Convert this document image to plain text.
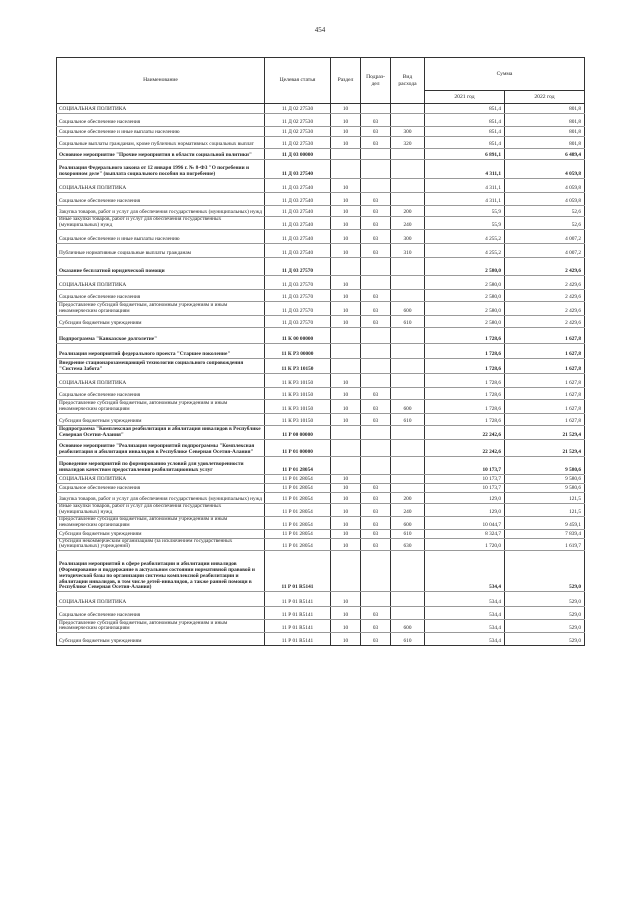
454
Наименование	Целевая статья	Раздел	Подраз-дел	Вид расхода	Сумма	
					2021 год	2022 год
СОЦИАЛЬНАЯ ПОЛИТИКА	11 Д 02 27530	10			851,4	801,8
Социальное обеспечение населения	11 Д 02 27530	10	03		851,4	801,8
Социальное обеспечение и иные выплаты населению	11 Д 02 27530	10	03	300	851,4	801,8
Социальные выплаты гражданам, кроме публичных нормативных социальных выплат	11 Д 02 27530	10	03	320	851,4	801,8
Основное мероприятие "Прочие мероприятия в области социальной политики"	11 Д 03 00000				6 891,1	6 489,4
Реализация Федерального закона от 12 января 1996 г. № 8-ФЗ "О погребении и похоронном деле" (выплата социального пособия на погребение)	11 Д 03 27540				4 311,1	4 059,8
СОЦИАЛЬНАЯ ПОЛИТИКА	11 Д 03 27540	10			4 311,1	4 059,8
Социальное обеспечение населения	11 Д 03 27540	10	03		4 311,1	4 059,8
Закупка товаров, работ и услуг для обеспечения государственных (муниципальных) нужд	11 Д 03 27540	10	03	200	55,9	52,6
Иные закупки товаров, работ и услуг для обеспечения государственных (муниципальных) нужд	11 Д 03 27540	10	03	240	55,9	52,6
Социальное обеспечение и иные выплаты населению	11 Д 03 27540	10	03	300	4 255,2	4 007,2
Публичные нормативные социальные выплаты гражданам	11 Д 03 27540	10	03	310	4 255,2	4 007,2
Оказание бесплатной юридической помощи	11 Д 03 27570				2 580,0	2 429,6
СОЦИАЛЬНАЯ ПОЛИТИКА	11 Д 03 27570	10			2 580,0	2 429,6
Социальное обеспечение населения	11 Д 03 27570	10	03		2 580,0	2 429,6
Предоставление субсидий бюджетным, автономным учреждениям и иным некоммерческим организациям	11 Д 03 27570	10	03	600	2 580,0	2 429,6
Субсидии бюджетным учреждениям	11 Д 03 27570	10	03	610	2 580,0	2 429,6
Подпрограмма "Кавказское долголетие"	11 К 00 00000				1 728,6	1 627,8
Реализация мероприятий федерального проекта "Старшее поколение"	11 К P3 00000				1 728,6	1 627,8
Внедрение стационарозамещающей технологии социального сопровождения "Система Забота"	11 К P3 10150				1 728,6	1 627,8
СОЦИАЛЬНАЯ ПОЛИТИКА	11 К P3 10150	10			1 728,6	1 627,8
Социальное обеспечение населения	11 К P3 10150	10	03		1 728,6	1 627,8
Предоставление субсидий бюджетным, автономным учреждениям и иным некоммерческим организациям	11 К P3 10150	10	03	600	1 728,6	1 627,8
Субсидии бюджетным учреждениям	11 К P3 10150	10	03	610	1 728,6	1 627,8
Подпрограмма "Комплексная реабилитация и абилитация инвалидов в Республике Северная Осетия-Алания"	11 Р 00 00000				22 242,6	21 529,4
Основное мероприятие "Реализация мероприятий подпрограммы "Комплексная реабилитация и абилитация инвалидов в Республике Северная Осетия-Алания"	11 Р 01 00000				22 242,6	21 529,4
Проведение мероприятий по формированию условий для удовлетворенности инвалидов качеством предоставления реабилитационных услуг	11 Р 01 28054				10 173,7	9 580,6
СОЦИАЛЬНАЯ ПОЛИТИКА	11 Р 01 28054	10			10 173,7	9 580,6
Социальное обеспечение населения	11 Р 01 28054	10	03		10 173,7	9 580,6
Закупка товаров, работ и услуг для обеспечения государственных (муниципальных) нужд	11 Р 01 28054	10	03	200	129,0	121,5
Иные закупки товаров, работ и услуг для обеспечения государственных (муниципальных) нужд	11 Р 01 28054	10	03	240	129,0	121,5
Предоставление субсидий бюджетным, автономным учреждениям и иным некоммерческим организациям	11 Р 01 28054	10	03	600	10 044,7	9 459,1
Субсидии бюджетным учреждениям	11 Р 01 28054	10	03	610	8 324,7	7 839,4
Субсидии некоммерческим организациям (за исключением государственных (муниципальных) учреждений)	11 Р 01 28054	10	03	630	1 720,0	1 619,7
Реализация мероприятий в сфере реабилитации и абилитации инвалидов (Формирование и поддержание в актуальном состоянии нормативной правовой и методической базы по организации системы комплексной реабилитации и абилитации инвалидов, в том числе детей-инвалидов, а также ранней помощи в Республике Северная Осетия-Алания)	11 Р 01 R5141				534,4	529,0
СОЦИАЛЬНАЯ ПОЛИТИКА	11 Р 01 R5141	10			534,4	529,0
Социальное обеспечение населения	11 Р 01 R5141	10	03		534,4	529,0
Предоставление субсидий бюджетным, автономным учреждениям и иным некоммерческим организациям	11 Р 01 R5141	10	03	600	534,4	529,0
Субсидии бюджетным учреждениям	11 Р 01 R5141	10	03	610	534,4	529,0
